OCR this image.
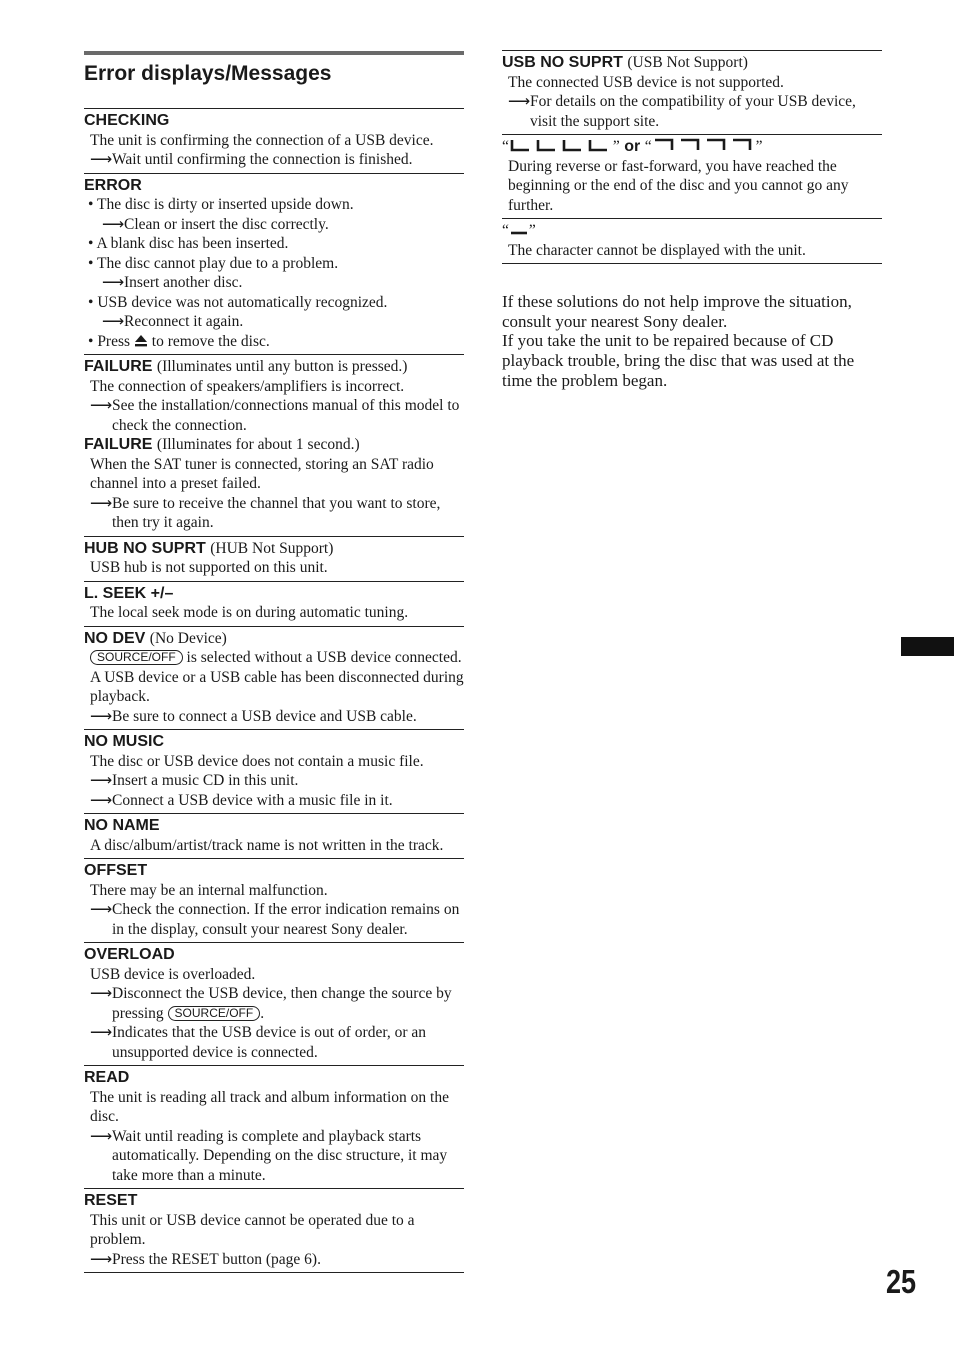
Error displays/Messages
CHECKING
The unit is confirming the connection of a USB device.
⟶Wait until confirming the connection is finished.
ERROR
• The disc is dirty or inserted upside down.
⟶Clean or insert the disc correctly.
• A blank disc has been inserted.
• The disc cannot play due to a problem.
⟶Insert another disc.
• USB device was not automatically recognized.
⟶Reconnect it again.
• Press to remove the disc.
FAILURE (Illuminates until any button is pressed.)
The connection of speakers/amplifiers is incorrect.
⟶See the installation/connections manual of this model to check the connection.
FAILURE (Illuminates for about 1 second.)
When the SAT tuner is connected, storing an SAT radio channel into a preset failed.
⟶Be sure to receive the channel that you want to store, then try it again.
HUB NO SUPRT (HUB Not Support)
USB hub is not supported on this unit.
L. SEEK +/–
The local seek mode is on during automatic tuning.
NO DEV (No Device)
SOURCE/OFF is selected without a USB device connected. A USB device or a USB cable has been disconnected during playback.
⟶Be sure to connect a USB device and USB cable.
NO MUSIC
The disc or USB device does not contain a music file.
⟶Insert a music CD in this unit.
⟶Connect a USB device with a music file in it.
NO NAME
A disc/album/artist/track name is not written in the track.
OFFSET
There may be an internal malfunction.
⟶Check the connection. If the error indication remains on in the display, consult your nearest Sony dealer.
OVERLOAD
USB device is overloaded.
⟶Disconnect the USB device, then change the source by pressing SOURCE/OFF .
⟶Indicates that the USB device is out of order, or an unsupported device is connected.
READ
The unit is reading all track and album information on the disc.
⟶Wait until reading is complete and playback starts automatically. Depending on the disc structure, it may take more than a minute.
RESET
This unit or USB device cannot be operated due to a problem.
⟶Press the RESET button (page 6).
USB NO SUPRT (USB Not Support)
The connected USB device is not supported.
⟶For details on the compatibility of your USB device, visit the support site.
“	” or “	”
During reverse or fast-forward, you have reached the beginning or the end of the disc and you cannot go any further.
“ ”
The character cannot be displayed with the unit.
If these solutions do not help improve the situation, consult your nearest Sony dealer.
If you take the unit to be repaired because of CD playback trouble, bring the disc that was used at the time the problem began.
25
